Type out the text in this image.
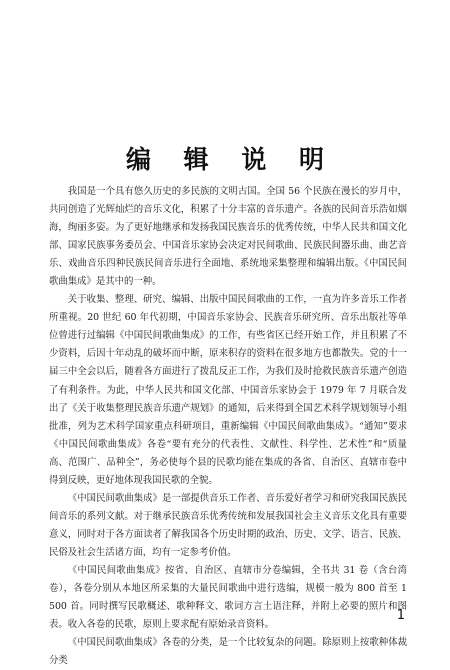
编 辑 说 明

我国是一个具有悠久历史的多民族的文明古国。全国 56 个民族在漫长的岁月中，共同创造了光辉灿烂的音乐文化，积累了十分丰富的音乐遗产。各族的民间音乐浩如烟海，绚丽多姿。为了更好地继承和发扬我国民族音乐的优秀传统，中华人民共和国文化部、国家民族事务委员会、中国音乐家协会决定对民间歌曲、民族民间器乐曲、曲艺音乐、戏曲音乐四种民族民间音乐进行全面地、系统地采集整理和编辑出版。《中国民间歌曲集成》是其中的一种。

关于收集、整理、研究、编辑、出版中国民间歌曲的工作，一直为许多音乐工作者所重视。20 世纪 60 年代初期，中国音乐家协会、民族音乐研究所、音乐出版社等单位曾进行过编辑《中国民间歌曲集成》的工作，有些省区已经开始工作，并且积累了不少资料，后因十年动乱的破坏而中断，原来积存的资料在很多地方也都散失。党的十一届三中全会以后，随着各方面进行了拨乱反正工作，为我们及时抢救民族音乐遗产创造了有利条件。为此，中华人民共和国文化部、中国音乐家协会于 1979 年 7 月联合发出了《关于收集整理民族音乐遗产规划》的通知，后来得到全国艺术科学规划领导小组批准，列为艺术科学国家重点科研项目，重新编辑《中国民间歌曲集成》。“通知”要求《中国民间歌曲集成》各卷“要有充分的代表性、文献性、科学性、艺术性”和“质量高、范围广、品种全”，务必使每个县的民歌均能在集成的各省、自治区、直辖市卷中得到反映，更好地体现我国民歌的全貌。

《中国民间歌曲集成》是一部提供音乐工作者、音乐爱好者学习和研究我国民族民间音乐的系列文献。对于继承民族音乐优秀传统和发展我国社会主义音乐文化具有重要意义，同时对于各方面读者了解我国各个历史时期的政治、历史、文学、语言、民族、民俗及社会生活诸方面，均有一定参考价值。

《中国民间歌曲集成》按省、自治区、直辖市分卷编辑，全书共 31 卷（含台湾卷），各卷分别从本地区所采集的大量民间歌曲中进行选编，规模一般为 800 首至 1 500 首。同时撰写民歌概述、歌种释文、歌词方言土语注释，并附上必要的照片和图表。收入各卷的民歌，原则上要求配有原始录音资料。

《中国民间歌曲集成》各卷的分类，是一个比较复杂的问题。除原则上按歌种体裁分类

1
